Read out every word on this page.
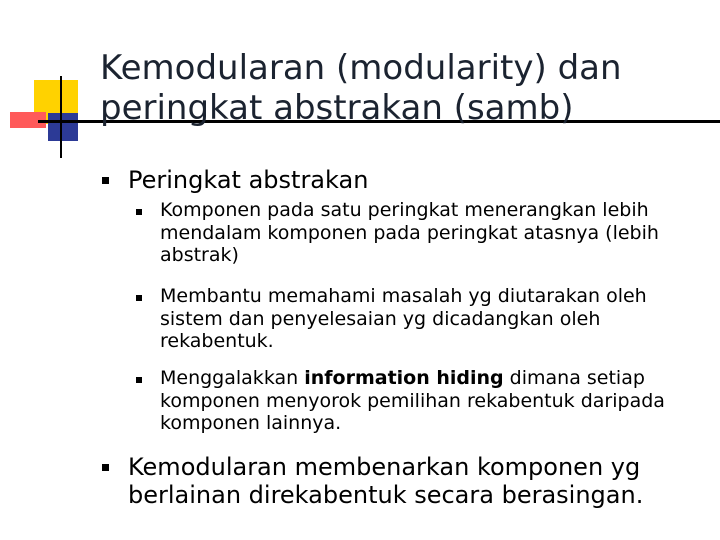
Kemodularan (modularity) dan peringkat abstrakan (samb)
Peringkat abstrakan
Komponen pada satu peringkat menerangkan lebih mendalam komponen pada peringkat atasnya (lebih abstrak)
Membantu memahami masalah yg diutarakan oleh sistem dan penyelesaian yg dicadangkan oleh rekabentuk.
Menggalakkan information hiding dimana setiap komponen menyorok pemilihan rekabentuk daripada komponen lainnya.
Kemodularan membenarkan komponen yg berlainan direkabentuk secara berasingan.
